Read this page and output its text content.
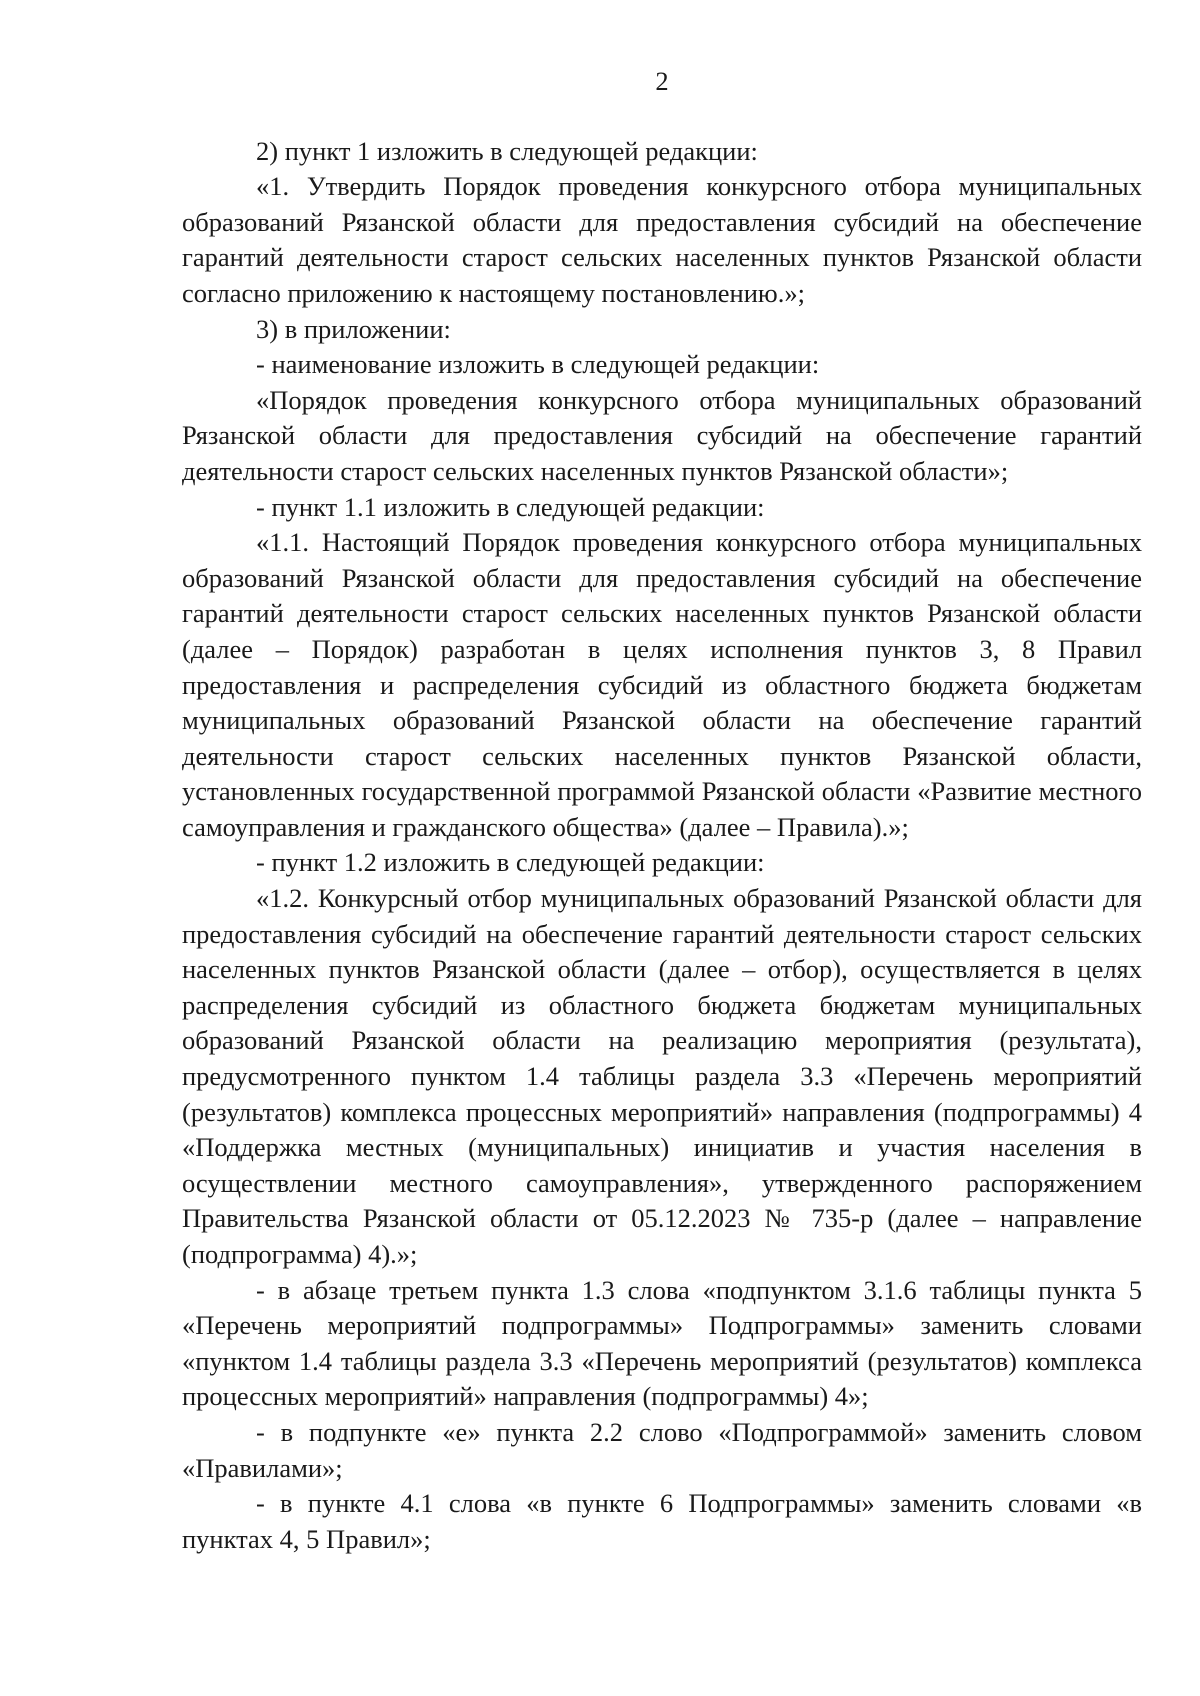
2

2) пункт 1 изложить в следующей редакции:

«1. Утвердить Порядок проведения конкурсного отбора муниципальных образований Рязанской области для предоставления субсидий на обеспечение гарантий деятельности старост сельских населенных пунктов Рязанской области согласно приложению к настоящему постановлению.»;

3) в приложении:

- наименование изложить в следующей редакции:

«Порядок проведения конкурсного отбора муниципальных образований Рязанской области для предоставления субсидий на обеспечение гарантий деятельности старост сельских населенных пунктов Рязанской области»;

- пункт 1.1 изложить в следующей редакции:

«1.1. Настоящий Порядок проведения конкурсного отбора муниципальных образований Рязанской области для предоставления субсидий на обеспечение гарантий деятельности старост сельских населенных пунктов Рязанской области (далее – Порядок) разработан в целях исполнения пунктов 3, 8 Правил предоставления и распределения субсидий из областного бюджета бюджетам муниципальных образований Рязанской области на обеспечение гарантий деятельности старост сельских населенных пунктов Рязанской области, установленных государственной программой Рязанской области «Развитие местного самоуправления и гражданского общества» (далее – Правила).»;

- пункт 1.2 изложить в следующей редакции:

«1.2. Конкурсный отбор муниципальных образований Рязанской области для предоставления субсидий на обеспечение гарантий деятельности старост сельских населенных пунктов Рязанской области (далее – отбор), осуществляется в целях распределения субсидий из областного бюджета бюджетам муниципальных образований Рязанской области на реализацию мероприятия (результата), предусмотренного пунктом 1.4 таблицы раздела 3.3 «Перечень мероприятий (результатов) комплекса процессных мероприятий» направления (подпрограммы) 4 «Поддержка местных (муниципальных) инициатив и участия населения в осуществлении местного самоуправления», утвержденного распоряжением Правительства Рязанской области от 05.12.2023 № 735-р (далее – направление (подпрограмма) 4).»;

- в абзаце третьем пункта 1.3 слова «подпунктом 3.1.6 таблицы пункта 5 «Перечень мероприятий подпрограммы» Подпрограммы» заменить словами «пунктом 1.4 таблицы раздела 3.3 «Перечень мероприятий (результатов) комплекса процессных мероприятий» направления (подпрограммы) 4»;

- в подпункте «е» пункта 2.2 слово «Подпрограммой» заменить словом «Правилами»;

- в пункте 4.1 слова «в пункте 6 Подпрограммы» заменить словами «в пунктах 4, 5 Правил»;
